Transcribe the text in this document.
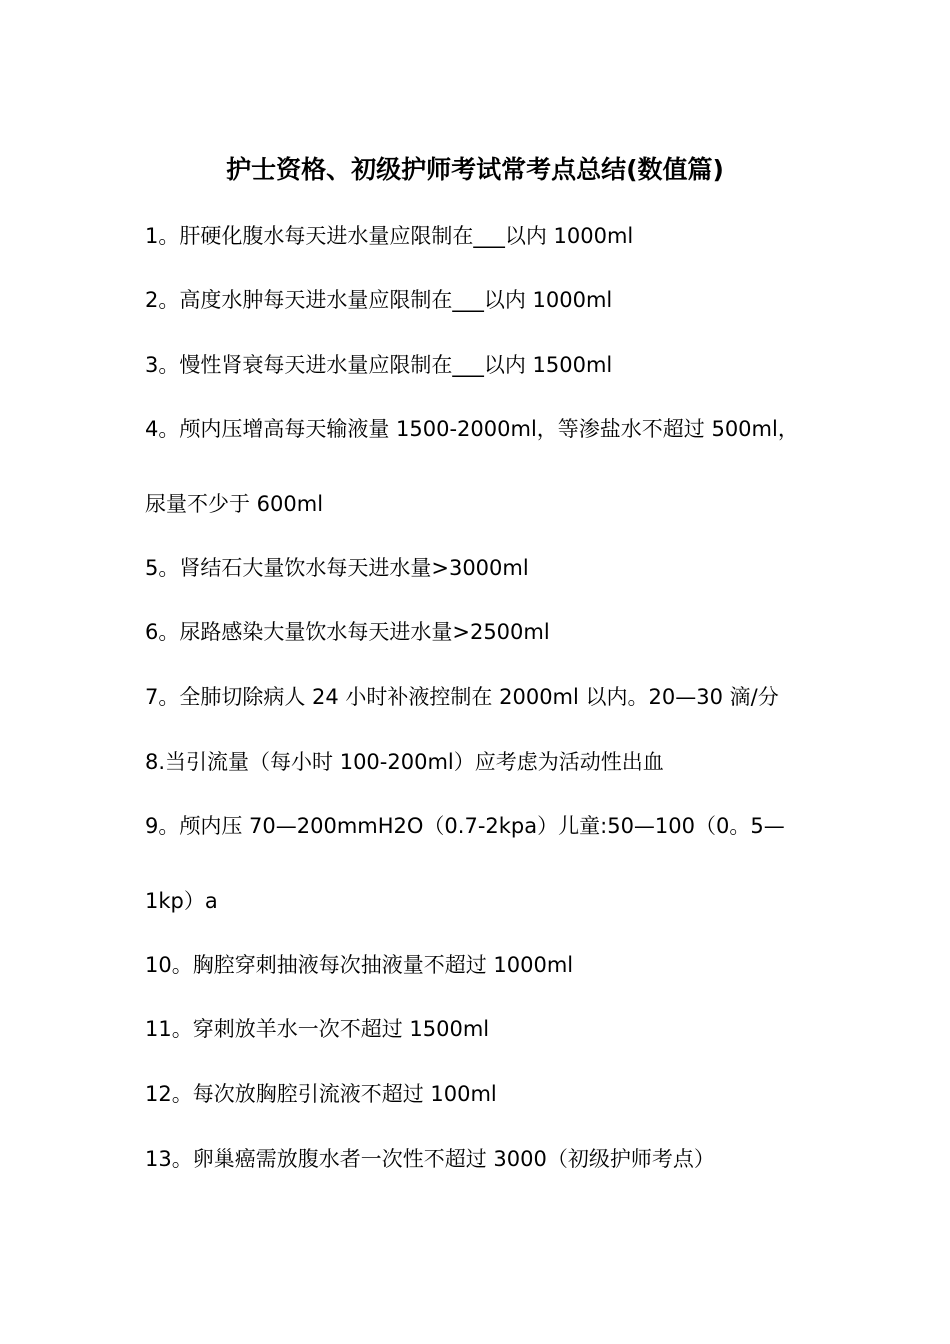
护士资格、初级护师考试常考点总结(数值篇)
1。肝硬化腹水每天进水量应限制在___以内 1000ml
2。高度水肿每天进水量应限制在___以内 1000ml
3。慢性肾衰每天进水量应限制在___以内 1500ml
4。颅内压增高每天输液量 1500-2000ml，等渗盐水不超过 500ml，
尿量不少于 600ml
5。肾结石大量饮水每天进水量>3000ml
6。尿路感染大量饮水每天进水量>2500ml
7。全肺切除病人 24 小时补液控制在 2000ml 以内。20—30 滴/分
8.当引流量（每小时 100-200ml）应考虑为活动性出血
9。颅内压 70—200mmH2O（0.7-2kpa）儿童:50—100（0。5—
1kp）a
10。胸腔穿刺抽液每次抽液量不超过 1000ml
11。穿刺放羊水一次不超过 1500ml
12。每次放胸腔引流液不超过 100ml
13。卵巢癌需放腹水者一次性不超过 3000（初级护师考点）
